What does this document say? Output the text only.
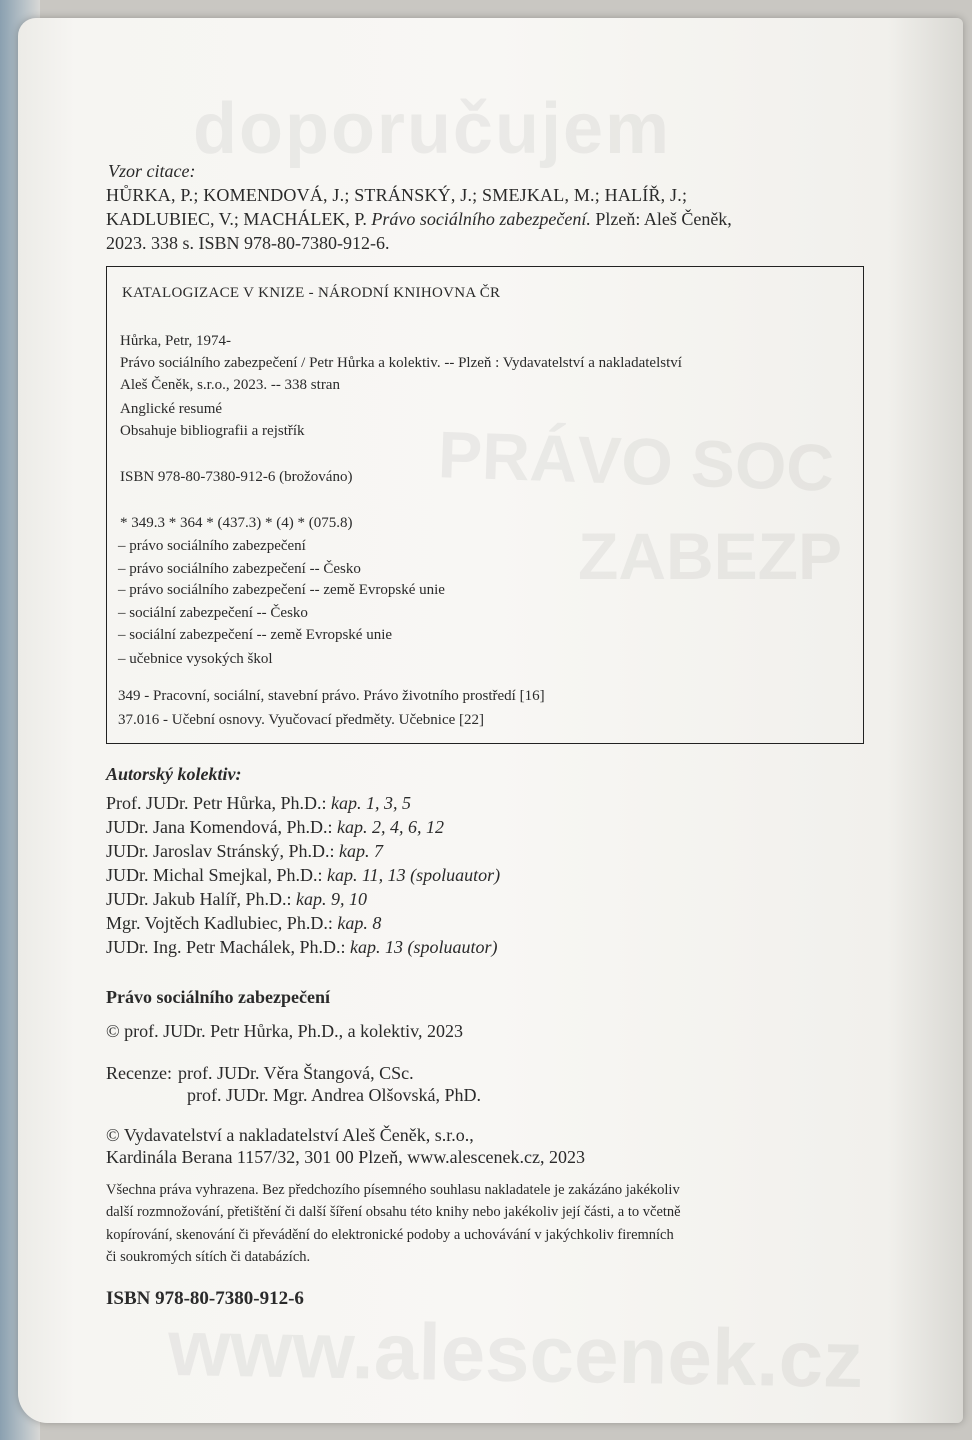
doporučujem
PRÁVO SOC
ZABEZP
www.alescenek.cz
Vzor citace:
HŮRKA, P.; KOMENDOVÁ, J.; STRÁNSKÝ, J.; SMEJKAL, M.; HALÍŘ, J.;
KADLUBIEC, V.; MACHÁLEK, P. Právo sociálního zabezpečení. Plzeň: Aleš Čeněk,
2023. 338 s. ISBN 978-80-7380-912-6.
KATALOGIZACE V KNIZE - NÁRODNÍ KNIHOVNA ČR
Hůrka, Petr, 1974-
Právo sociálního zabezpečení / Petr Hůrka a kolektiv. -- Plzeň : Vydavatelství a nakladatelství
Aleš Čeněk, s.r.o., 2023. -- 338 stran
Anglické resumé
Obsahuje bibliografii a rejstřík
ISBN 978-80-7380-912-6 (brožováno)
* 349.3 * 364 * (437.3) * (4) * (075.8)
– právo sociálního zabezpečení
– právo sociálního zabezpečení -- Česko
– právo sociálního zabezpečení -- země Evropské unie
– sociální zabezpečení -- Česko
– sociální zabezpečení -- země Evropské unie
– učebnice vysokých škol
349 - Pracovní, sociální, stavební právo. Právo životního prostředí [16]
37.016 - Učební osnovy. Vyučovací předměty. Učebnice [22]
Autorský kolektiv:
Prof. JUDr. Petr Hůrka, Ph.D.: kap. 1, 3, 5
JUDr. Jana Komendová, Ph.D.: kap. 2, 4, 6, 12
JUDr. Jaroslav Stránský, Ph.D.: kap. 7
JUDr. Michal Smejkal, Ph.D.: kap. 11, 13 (spoluautor)
JUDr. Jakub Halíř, Ph.D.: kap. 9, 10
Mgr. Vojtěch Kadlubiec, Ph.D.: kap. 8
JUDr. Ing. Petr Machálek, Ph.D.: kap. 13 (spoluautor)
Právo sociálního zabezpečení
© prof. JUDr. Petr Hůrka, Ph.D., a kolektiv, 2023
Recenze: prof. JUDr. Věra Štangová, CSc.
prof. JUDr. Mgr. Andrea Olšovská, PhD.
© Vydavatelství a nakladatelství Aleš Čeněk, s.r.o.,
Kardinála Berana 1157/32, 301 00 Plzeň, www.alescenek.cz, 2023
Všechna práva vyhrazena. Bez předchozího písemného souhlasu nakladatele je zakázáno jakékoliv
další rozmnožování, přetištění či další šíření obsahu této knihy nebo jakékoliv její části, a to včetně
kopírování, skenování či převádění do elektronické podoby a uchovávání v jakýchkoliv firemních
či soukromých sítích či databázích.
ISBN 978-80-7380-912-6
